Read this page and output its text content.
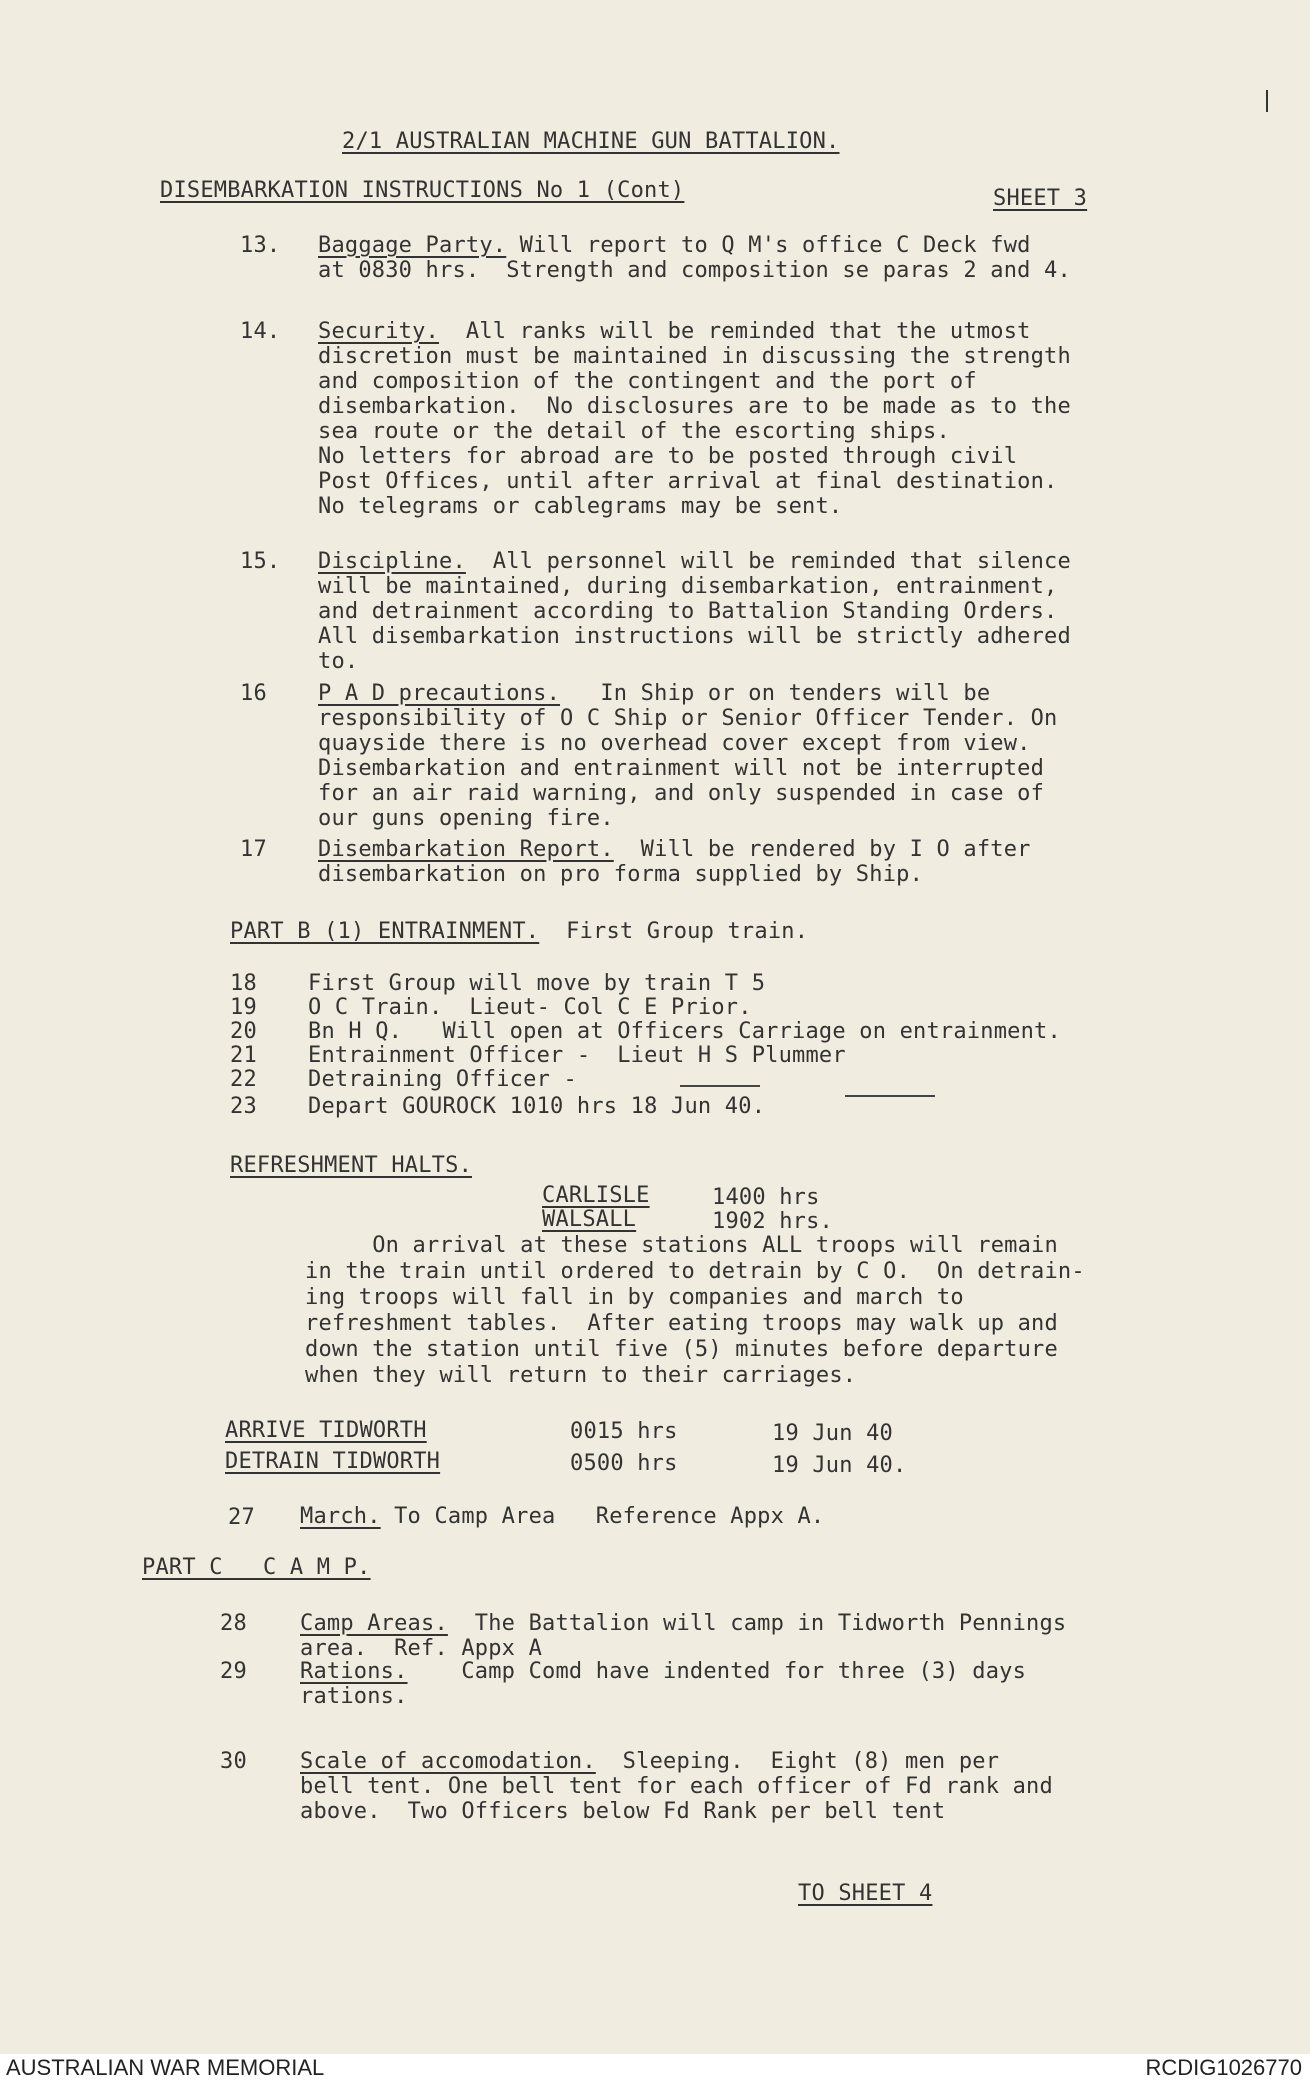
2/1 AUSTRALIAN MACHINE GUN BATTALION.
DISEMBARKATION INSTRUCTIONS No 1 (Cont)	SHEET 3
13. Baggage Party. Will report to Q M's office C Deck fwd
at 0830 hrs.  Strength and composition se paras 2 and 4.
14. Security.  All ranks will be reminded that the utmost
discretion must be maintained in discussing the strength
and composition of the contingent and the port of
disembarkation.  No disclosures are to be made as to the
sea route or the detail of the escorting ships.
No letters for abroad are to be posted through civil
Post Offices, until after arrival at final destination.
No telegrams or cablegrams may be sent.
15. Discipline.  All personnel will be reminded that silence
will be maintained, during disembarkation, entrainment,
and detrainment according to Battalion Standing Orders.
All disembarkation instructions will be strictly adhered
to.
16 P A D precautions.   In Ship or on tenders will be
responsibility of O C Ship or Senior Officer Tender. On
quayside there is no overhead cover except from view.
Disembarkation and entrainment will not be interrupted
for an air raid warning, and only suspended in case of
our guns opening fire.
17 Disembarkation Report.  Will be rendered by I O after
disembarkation on pro forma supplied by Ship.
PART B (1) ENTRAINMENT.  First Group train.
18 First Group will move by train T 5
19 O C Train.  Lieut- Col C E Prior.
20 Bn H Q.   Will open at Officers Carriage on entrainment.
21 Entrainment Officer -  Lieut H S Plummer
22 Detraining Officer -
23 Depart GOUROCK 1010 hrs 18 Jun 40.
REFRESHMENT HALTS.
CARLISLE	1400 hrs
WALSALL	1902 hrs.
On arrival at these stations ALL troops will remain
in the train until ordered to detrain by C O.  On detrain-
ing troops will fall in by companies and march to
refreshment tables.  After eating troops may walk up and
down the station until five (5) minutes before departure
when they will return to their carriages.
ARRIVE TIDWORTH	0015 hrs	19 Jun 40
DETRAIN TIDWORTH	0500 hrs	19 Jun 40.
27 March. To Camp Area   Reference Appx A.
PART C   C A M P.
28 Camp Areas.  The Battalion will camp in Tidworth Pennings
area.  Ref. Appx A
29 Rations.    Camp Comd have indented for three (3) days
rations.
30 Scale of accomodation.  Sleeping.  Eight (8) men per
bell tent. One bell tent for each officer of Fd rank and
above.  Two Officers below Fd Rank per bell tent
TO SHEET 4
AUSTRALIAN WAR MEMORIAL	RCDIG1026770
